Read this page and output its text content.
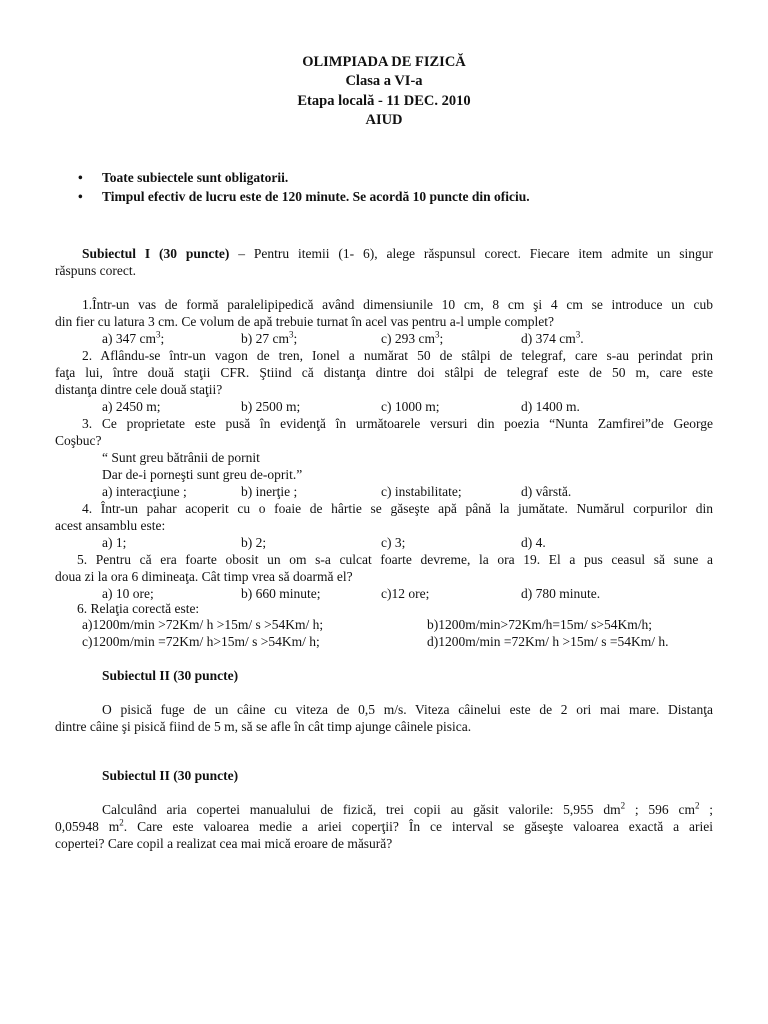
OLIMPIADA DE FIZICĂ
Clasa a VI-a
Etapa locală - 11 DEC. 2010
AIUD
• Toate subiectele sunt obligatorii.
• Timpul efectiv de lucru este de 120 minute. Se acordă 10 puncte din oficiu.
Subiectul I (30 puncte) – Pentru itemii (1- 6), alege răspunsul corect. Fiecare item admite un singur
răspuns corect.
1.Într-un vas de formă paralelipipedică având dimensiunile 10 cm, 8 cm şi 4 cm se introduce un cub
din fier cu latura 3 cm. Ce volum de apă trebuie turnat în acel vas pentru a-l umple complet?
a) 347 $cm^3$;	b) 27 $cm^3$;	c) 293 $cm^3$;	d) 374 $cm^3$.
2. Aflându-se într-un vagon de tren, Ionel a numărat 50 de stâlpi de telegraf, care s-au perindat prin
faţa lui, între două staţii CFR. Ştiind că distanţa dintre doi stâlpi de telegraf este de 50 m, care este
distanţa dintre cele două staţii?
a) 2450 m;	b) 2500 m;	c) 1000 m;	d) 1400 m.
3. Ce proprietate este pusă în evidenţă în următoarele versuri din poezia “Nunta Zamfirei”de George
Coşbuc?
“ Sunt greu bătrânii de pornit
Dar de-i porneşti sunt greu de-oprit.”
a) interacţiune ;	b) inerţie ;	c) instabilitate;	d) vârstă.
4. Într-un pahar acoperit cu o foaie de hârtie se găseşte apă până la jumătate. Numărul corpurilor din
acest ansamblu este:
a) 1;	b) 2;	c) 3;	d) 4.
5. Pentru că era foarte obosit un om s-a culcat foarte devreme, la ora 19. El a pus ceasul să sune a
doua zi la ora 6 dimineaţa. Cât timp vrea să doarmă el?
a) 10 ore;	b) 660 minute;	c)12 ore;	d) 780 minute.
6. Relaţia corectă este:
a)1200m/min >72Km/ h >15m/ s >54Km/ h;	b)1200m/min>72Km/h=15m/ s>54Km/h;
c)1200m/min =72Km/ h>15m/ s >54Km/ h;	d)1200m/min =72Km/ h >15m/ s =54Km/ h.
Subiectul II (30 puncte)
O pisică fuge de un câine cu viteza de 0,5 m/s. Viteza câinelui este de 2 ori mai mare. Distanţa
dintre câine şi pisică fiind de 5 m, să se afle în cât timp ajunge câinele pisica.
Subiectul II (30 puncte)
Calculând aria copertei manualului de fizică, trei copii au găsit valorile: 5,955 $dm^2$ ; 596 $cm^2$ ;
0,05948 $m^2$. Care este valoarea medie a ariei coperţii? În ce interval se găseşte valoarea exactă a ariei
copertei? Care copil a realizat cea mai mică eroare de măsură?
